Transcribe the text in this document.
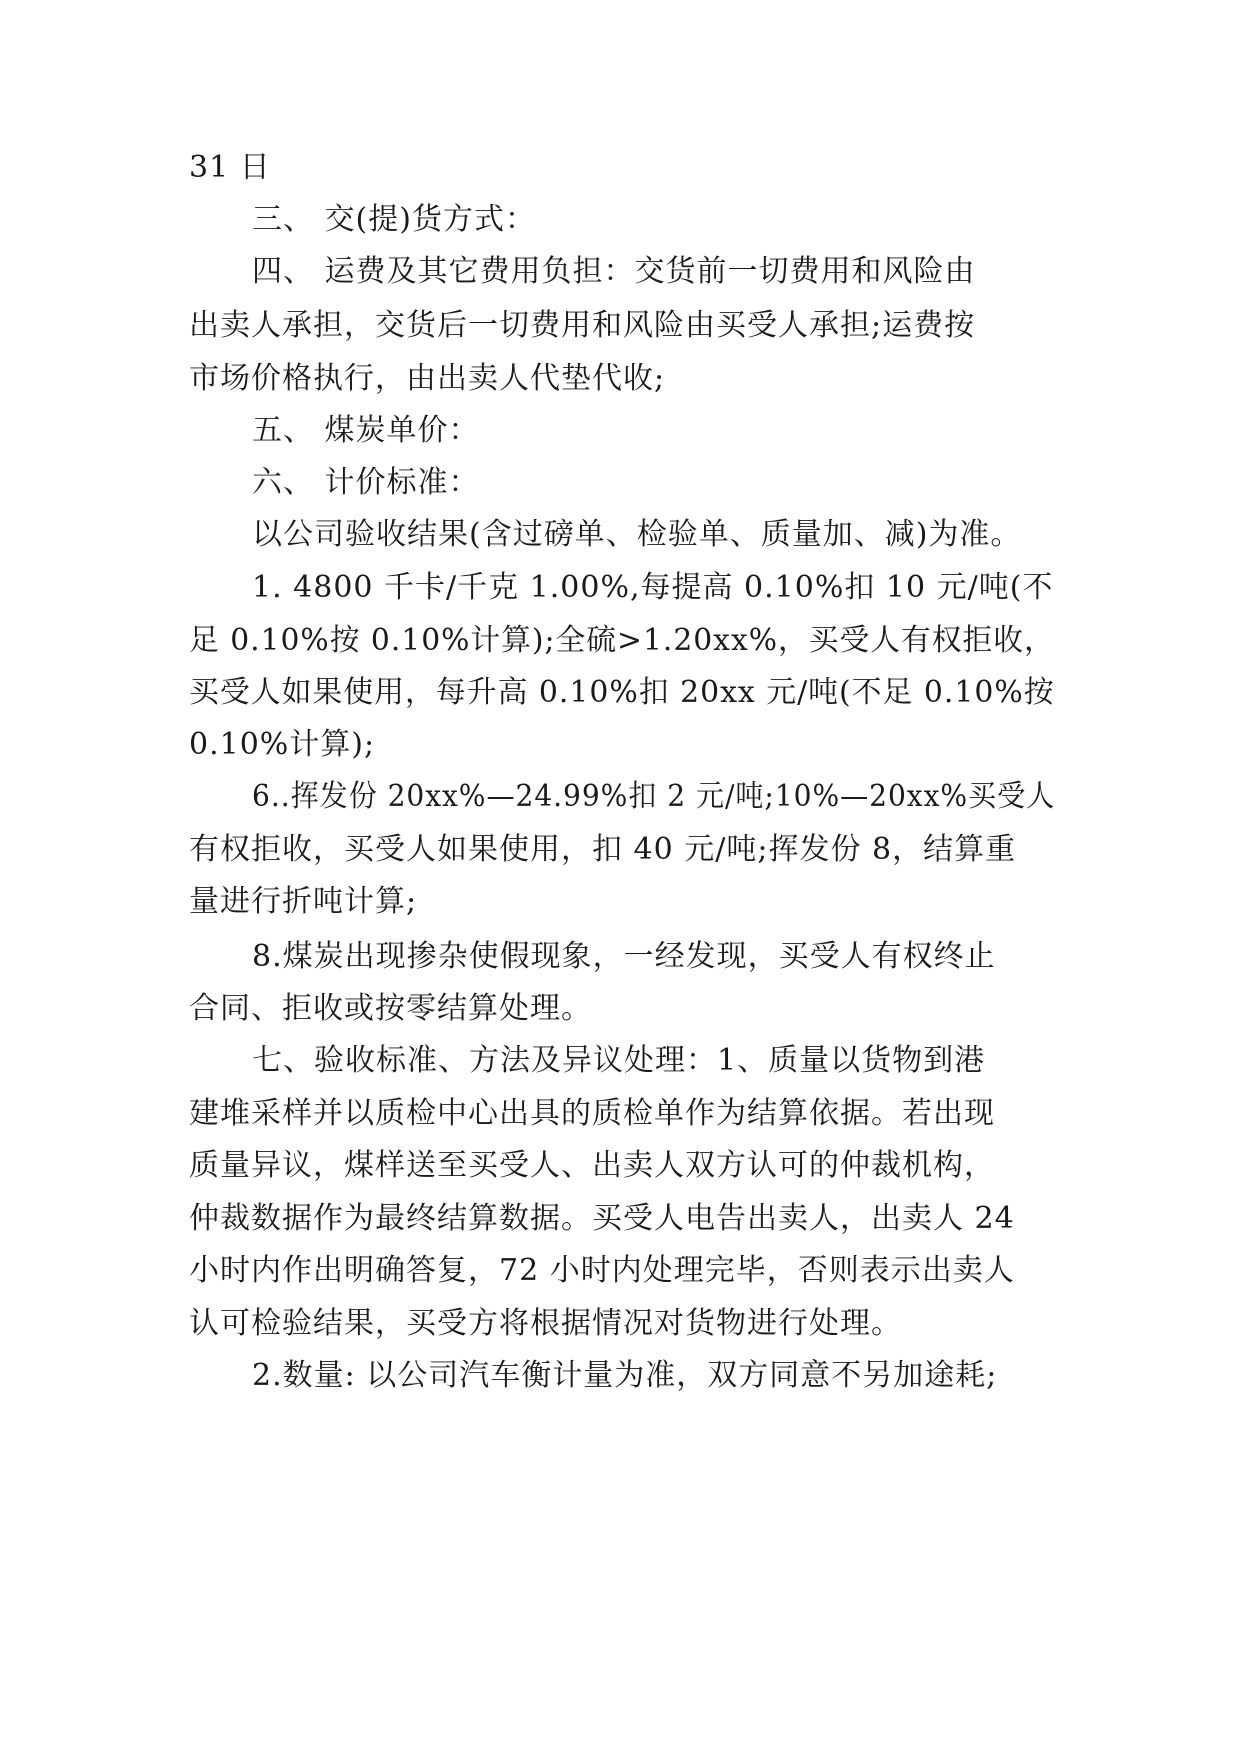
31 日
三、 交(提)货方式：
四、 运费及其它费用负担：交货前一切费用和风险由
出卖人承担，交货后一切费用和风险由买受人承担;运费按
市场价格执行，由出卖人代垫代收;
五、 煤炭单价：
六、 计价标准：
以公司验收结果(含过磅单、检验单、质量加、减)为准。
1. 4800 千卡/千克 1.00%,每提高 0.10%扣 10 元/吨(不
足 0.10%按 0.10%计算);全硫>1.20xx%，买受人有权拒收，
买受人如果使用，每升高 0.10%扣 20xx 元/吨(不足 0.10%按
0.10%计算);
6..挥发份 20xx%—24.99%扣 2 元/吨;10%—20xx%买受人
有权拒收，买受人如果使用，扣 40 元/吨;挥发份 8，结算重
量进行折吨计算;
8.煤炭出现掺杂使假现象，一经发现，买受人有权终止
合同、拒收或按零结算处理。
七、验收标准、方法及异议处理：1、质量以货物到港
建堆采样并以质检中心出具的质检单作为结算依据。若出现
质量异议，煤样送至买受人、出卖人双方认可的仲裁机构，
仲裁数据作为最终结算数据。买受人电告出卖人，出卖人 24
小时内作出明确答复，72 小时内处理完毕，否则表示出卖人
认可检验结果，买受方将根据情况对货物进行处理。
2.数量: 以公司汽车衡计量为准，双方同意不另加途耗;
